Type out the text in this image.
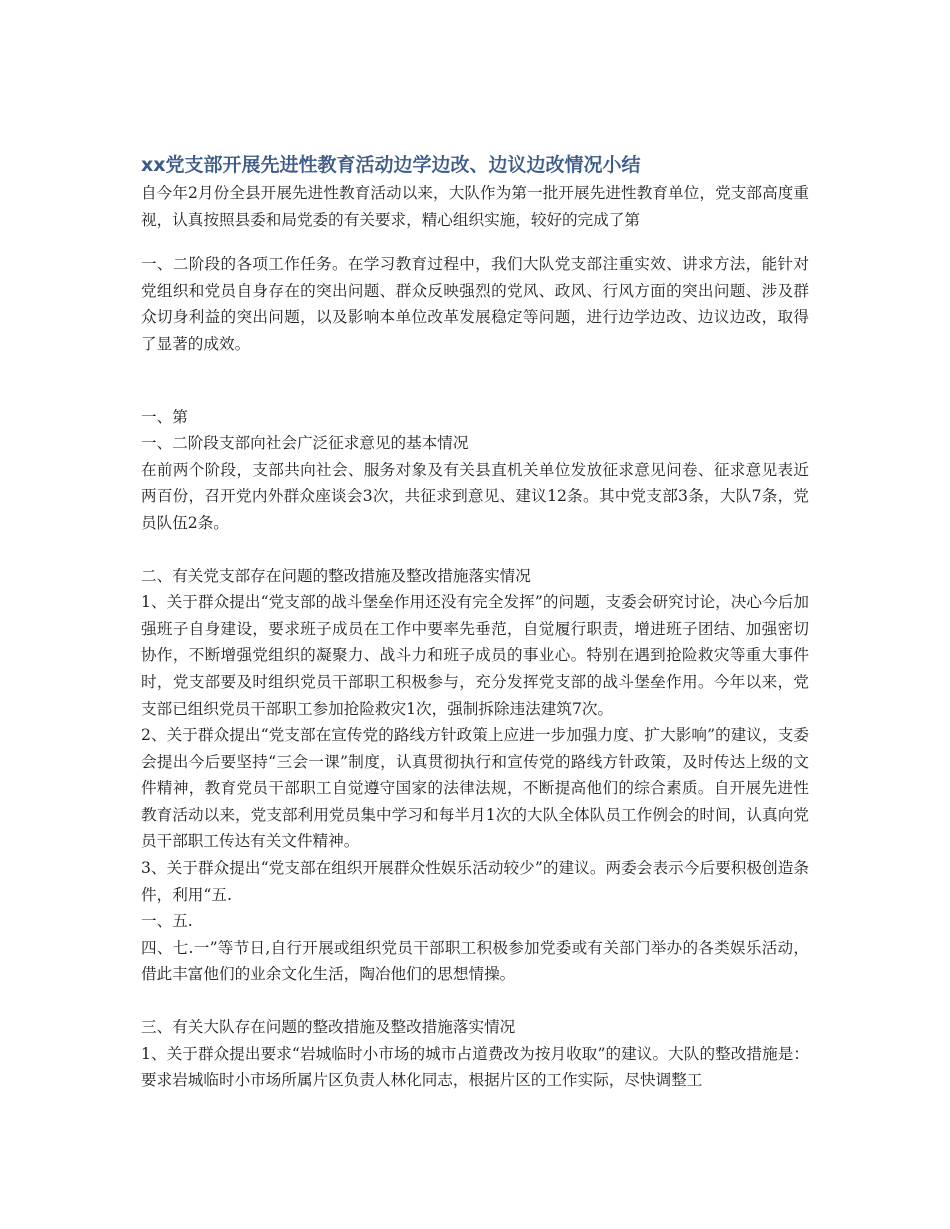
xx党支部开展先进性教育活动边学边改、边议边改情况小结

自今年2月份全县开展先进性教育活动以来，大队作为第一批开展先进性教育单位，党支部高度重视，认真按照县委和局党委的有关要求，精心组织实施，较好的完成了第

一、二阶段的各项工作任务。在学习教育过程中，我们大队党支部注重实效、讲求方法，能针对党组织和党员自身存在的突出问题、群众反映强烈的党风、政风、行风方面的突出问题、涉及群众切身利益的突出问题，以及影响本单位改革发展稳定等问题，进行边学边改、边议边改，取得了显著的成效。

一、第

一、二阶段支部向社会广泛征求意见的基本情况

在前两个阶段，支部共向社会、服务对象及有关县直机关单位发放征求意见问卷、征求意见表近两百份，召开党内外群众座谈会3次，共征求到意见、建议12条。其中党支部3条，大队7条，党员队伍2条。

二、有关党支部存在问题的整改措施及整改措施落实情况

1、关于群众提出“党支部的战斗堡垒作用还没有完全发挥”的问题，支委会研究讨论，决心今后加强班子自身建设，要求班子成员在工作中要率先垂范，自觉履行职责，增进班子团结、加强密切协作，不断增强党组织的凝聚力、战斗力和班子成员的事业心。特别在遇到抢险救灾等重大事件时，党支部要及时组织党员干部职工积极参与，充分发挥党支部的战斗堡垒作用。今年以来，党支部已组织党员干部职工参加抢险救灾1次，强制拆除违法建筑7次。

2、关于群众提出“党支部在宣传党的路线方针政策上应进一步加强力度、扩大影响”的建议，支委会提出今后要坚持“三会一课”制度，认真贯彻执行和宣传党的路线方针政策，及时传达上级的文件精神，教育党员干部职工自觉遵守国家的法律法规，不断提高他们的综合素质。自开展先进性教育活动以来，党支部利用党员集中学习和每半月1次的大队全体队员工作例会的时间，认真向党员干部职工传达有关文件精神。

3、关于群众提出“党支部在组织开展群众性娱乐活动较少”的建议。两委会表示今后要积极创造条件，利用“五.

一、五.

四、七.一”等节日,自行开展或组织党员干部职工积极参加党委或有关部门举办的各类娱乐活动，借此丰富他们的业余文化生活，陶冶他们的思想情操。

三、有关大队存在问题的整改措施及整改措施落实情况

1、关于群众提出要求“岩城临时小市场的城市占道费改为按月收取”的建议。大队的整改措施是：要求岩城临时小市场所属片区负责人林化同志，根据片区的工作实际，尽快调整工
